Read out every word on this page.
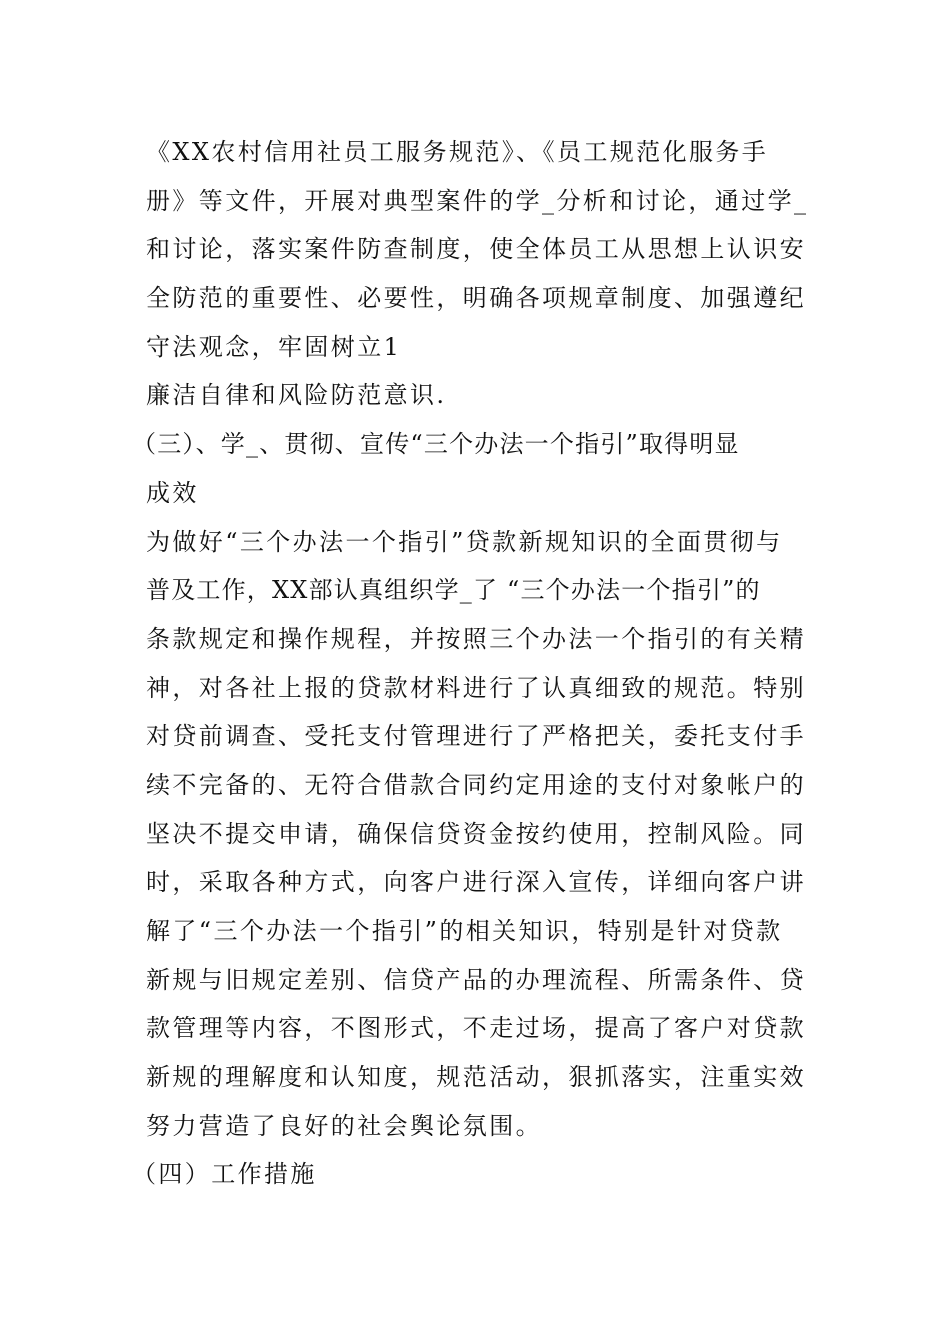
《XX农村信用社员工服务规范》、《员工规范化服务手
册》等文件，开展对典型案件的学_分析和讨论，通过学_
和讨论，落实案件防查制度，使全体员工从思想上认识安
全防范的重要性、必要性，明确各项规章制度、加强遵纪
守法观念，牢固树立1
廉洁自律和风险防范意识.
（三）、学_、贯彻、宣传“三个办法一个指引”取得明显
成效
为做好“三个办法一个指引”贷款新规知识的全面贯彻与
普及工作，XX部认真组织学_了 “三个办法一个指引”的
条款规定和操作规程，并按照三个办法一个指引的有关精
神，对各社上报的贷款材料进行了认真细致的规范。特别
对贷前调查、受托支付管理进行了严格把关，委托支付手
续不完备的、无符合借款合同约定用途的支付对象帐户的
坚决不提交申请，确保信贷资金按约使用，控制风险。同
时，采取各种方式，向客户进行深入宣传，详细向客户讲
解了“三个办法一个指引”的相关知识，特别是针对贷款
新规与旧规定差别、信贷产品的办理流程、所需条件、贷
款管理等内容，不图形式，不走过场，提高了客户对贷款
新规的理解度和认知度，规范活动，狠抓落实，注重实效
努力营造了良好的社会舆论氛围。
（四）工作措施
